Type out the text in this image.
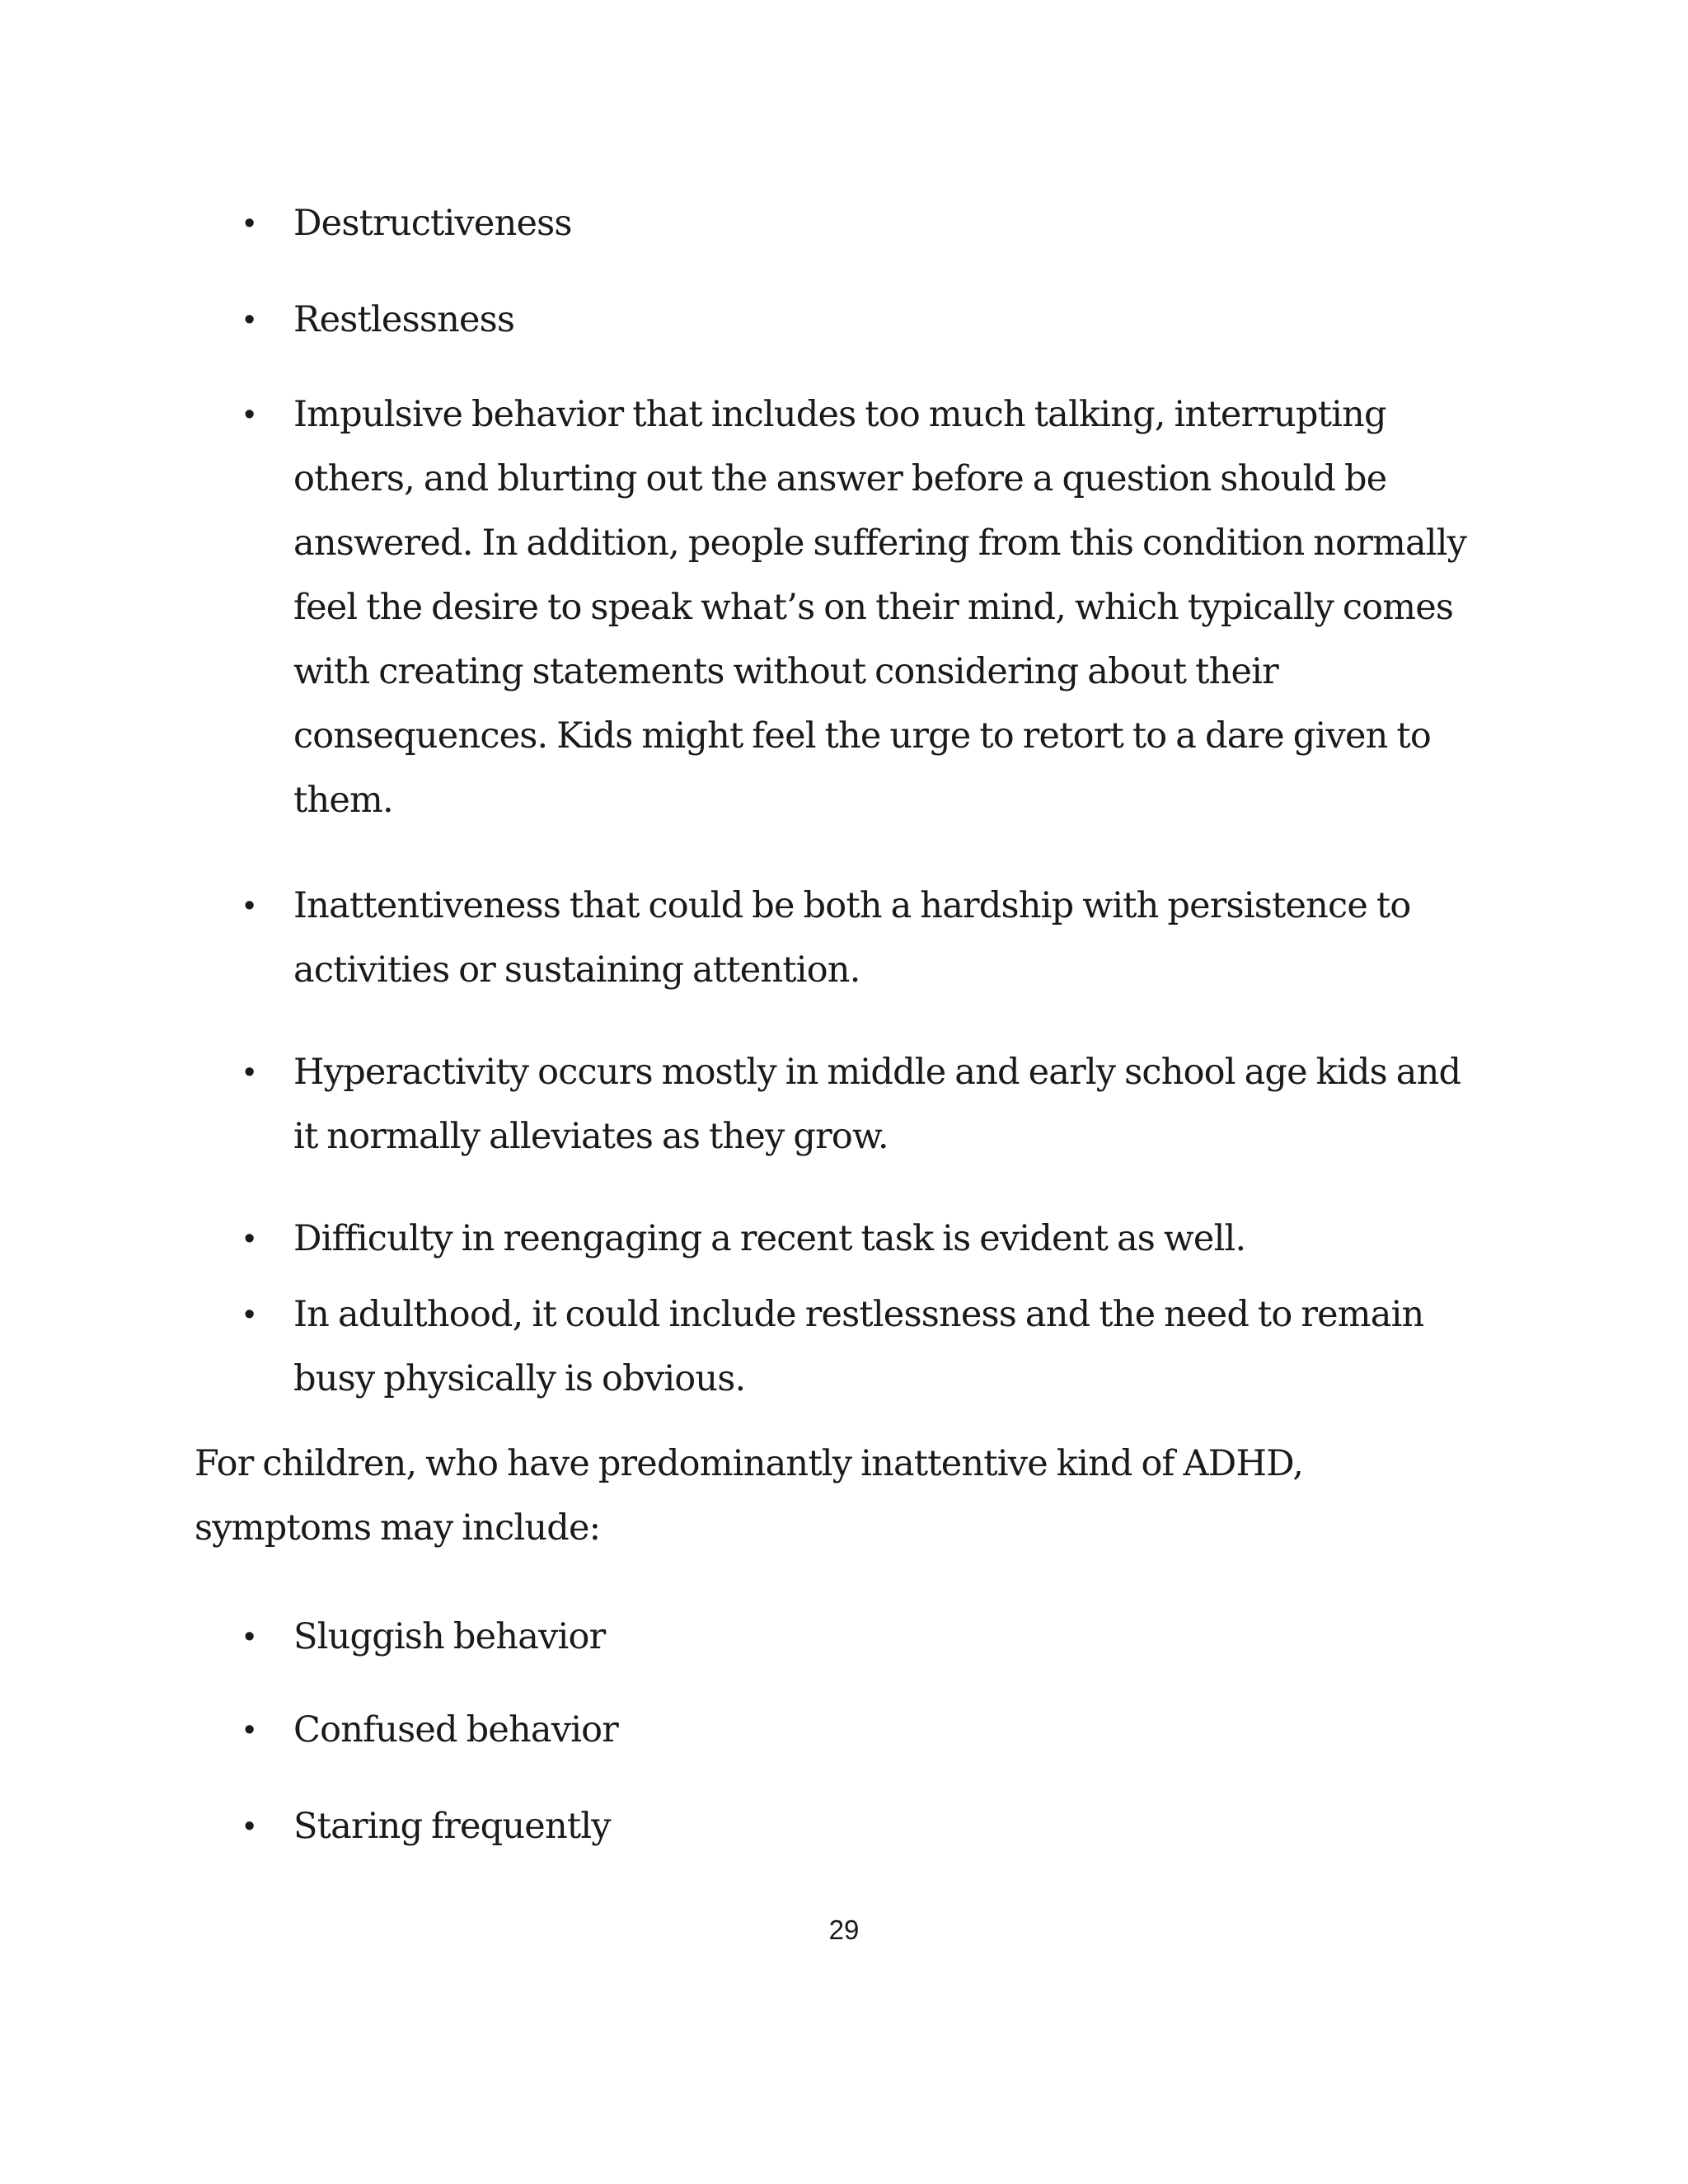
• Destructiveness
• Restlessness
• Impulsive behavior that includes too much talking, interrupting others, and blurting out the answer before a question should be answered. In addition, people suffering from this condition normally feel the desire to speak what’s on their mind, which typically comes with creating statements without considering about their consequences. Kids might feel the urge to retort to a dare given to them.
• Inattentiveness that could be both a hardship with persistence to activities or sustaining attention.
• Hyperactivity occurs mostly in middle and early school age kids and it normally alleviates as they grow.
• Difficulty in reengaging a recent task is evident as well.
• In adulthood, it could include restlessness and the need to remain busy physically is obvious.

For children, who have predominantly inattentive kind of ADHD, symptoms may include:

• Sluggish behavior
• Confused behavior
• Staring frequently
29
